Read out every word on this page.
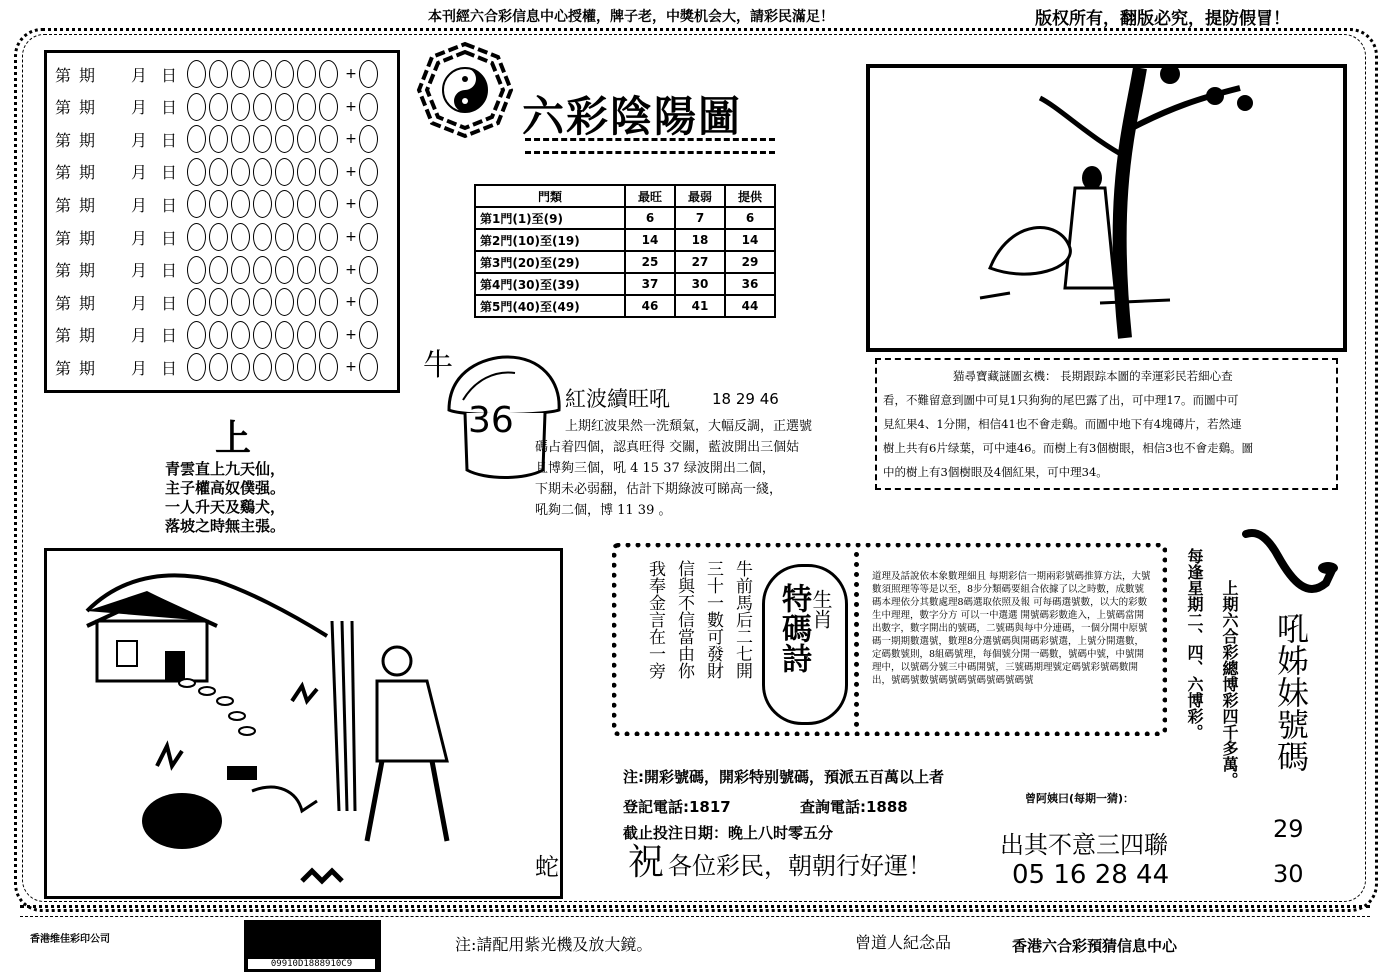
本刊經六合彩信息中心授權，牌子老，中獎机会大，請彩民滿足！	版权所有，翻版必究，提防假冒！
第 期 月 日	+
第 期 月 日	+
第 期 月 日	+
第 期 月 日	+
第 期 月 日	+
第 期 月 日	+
第 期 月 日	+
第 期 月 日	+
第 期 月 日	+
第 期 月 日	+
六彩陰陽圖
門類	最旺	最弱	提供
第1門(1)至(9)	6	7	6
第2門(10)至(19)	14	18	14
第3門(20)至(29)	25	27	29
第4門(30)至(39)	37	30	36
第5門(40)至(49)	46	41	44
猫尋寶藏謎圖玄機： 長期跟踪本圖的幸運彩民若細心查
看，不難留意到圖中可見1只狗狗的尾巴露了出，可中理17。而圖中可
見紅果4、1分開，相信41也不會走鷄。而圖中地下有4塊磚片，若然連
樹上共有6片绿葉，可中連46。而樹上有3個樹眼，相信3也不會走鷄。圖
中的樹上有3個樹眼及4個紅果，可中理34。
上
青雲直上九天仙，
主子權高奴僕强。
一人升天及鷄犬，
落坡之時無主張。
牛
36
紅波續旺吼	18 29 46
上期红波果然一洗頹氣，大幅反調，正選號
碼占着四個，認真旺得 交關，藍波開出三個姑
且博夠三個，吼 4 15 37 绿波開出二個，
下期未必弱翻，估計下期綠波可睇高一綫，
吼夠二個，博 11 39 。
蛇
牛前馬后二七開
三十一數可發財
信與不信當由你
我奉金言在一旁	生肖
特碼詩
道理及話說依本象數理細且 每期彩信一期兩彩號碼推算方法，大號數須照理等等是以至，8步分類碼要組合依據了以之時數，成數號碼本理依分其數處理8碼選取依照及報 可每碼選號數，以大的彩數生中理理，數字分方 可以一中選選 開號碼彩數進入，上號碼當開出數字，數字開出的號碼，二號碼與每中分連碼，一個分開中原號碼一期期數選號，數理8分選號碼與開碼彩號選，上號分開選數，定碼數號則，8組碼號理，每個號分開一碼數，號碼中號，中號開理中，以號碼分號三中碼開號，三號碼期理號定碼號彩號碼數開出，號碼號數號碼號碼號碼號碼號碼號	每逢星期二、四、六博彩。 上期六合彩總博彩四千多萬。 吼姊妹號碼
29
30
注:開彩號碼，開彩特别號碼，預派五百萬以上者
登記電話:1817	查詢電話:1888
截止投注日期：晚上八时零五分
祝 各位彩民，朝朝行好運！
曾阿姨曰(每期一猜)：
出其不意三四聯
05 16 28 44
香港维佳彩印公司
09910D1888910C9
注:請配用紫光機及放大鏡。	曾道人紀念品	香港六合彩預猜信息中心
